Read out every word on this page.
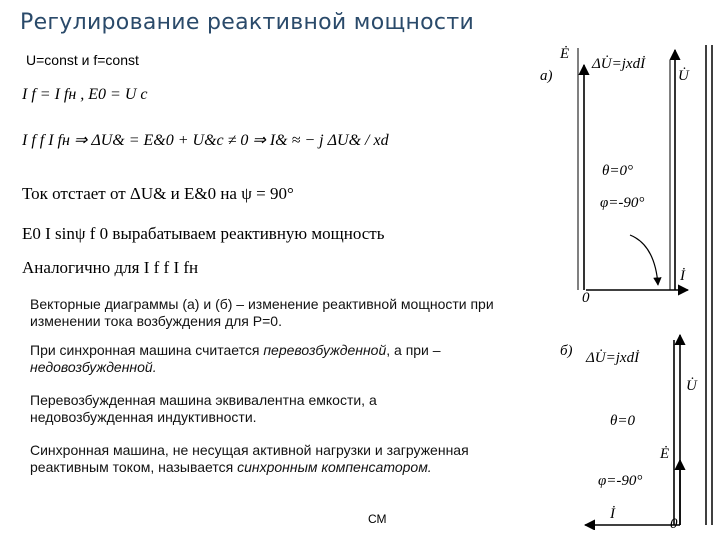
Регулирование реактивной мощности
U=const и f=const
I f = I fн , E0 = U c
I f f I fн ⇒ ΔU& = E&0 + U&c ≠ 0 ⇒ I& ≈ − j ΔU& / xd
Ток отстает от ΔU& и E&0 на ψ = 90°
E0 I sinψ f 0 вырабатываем реактивную мощность
Аналогично для I f f I fн
Векторные диаграммы (а) и (б) – изменение реактивной мощности при изменении тока возбуждения для P=0.
При синхронная машина считается перевозбужденной, а при – недовозбужденной.
Перевозбужденная машина эквивалентна емкости, а недовозбужденная индуктивности.
Синхронная машина, не несущая активной нагрузки и загруженная реактивным током, называется синхронным компенсатором.
СМ
а)
Ė
ΔU̇=jxdİ
U̇
θ=0°
φ=-90°
İ
0
б) ΔU̇=jxdİ
U̇
θ=0
Ė
φ=-90°
İ
0
